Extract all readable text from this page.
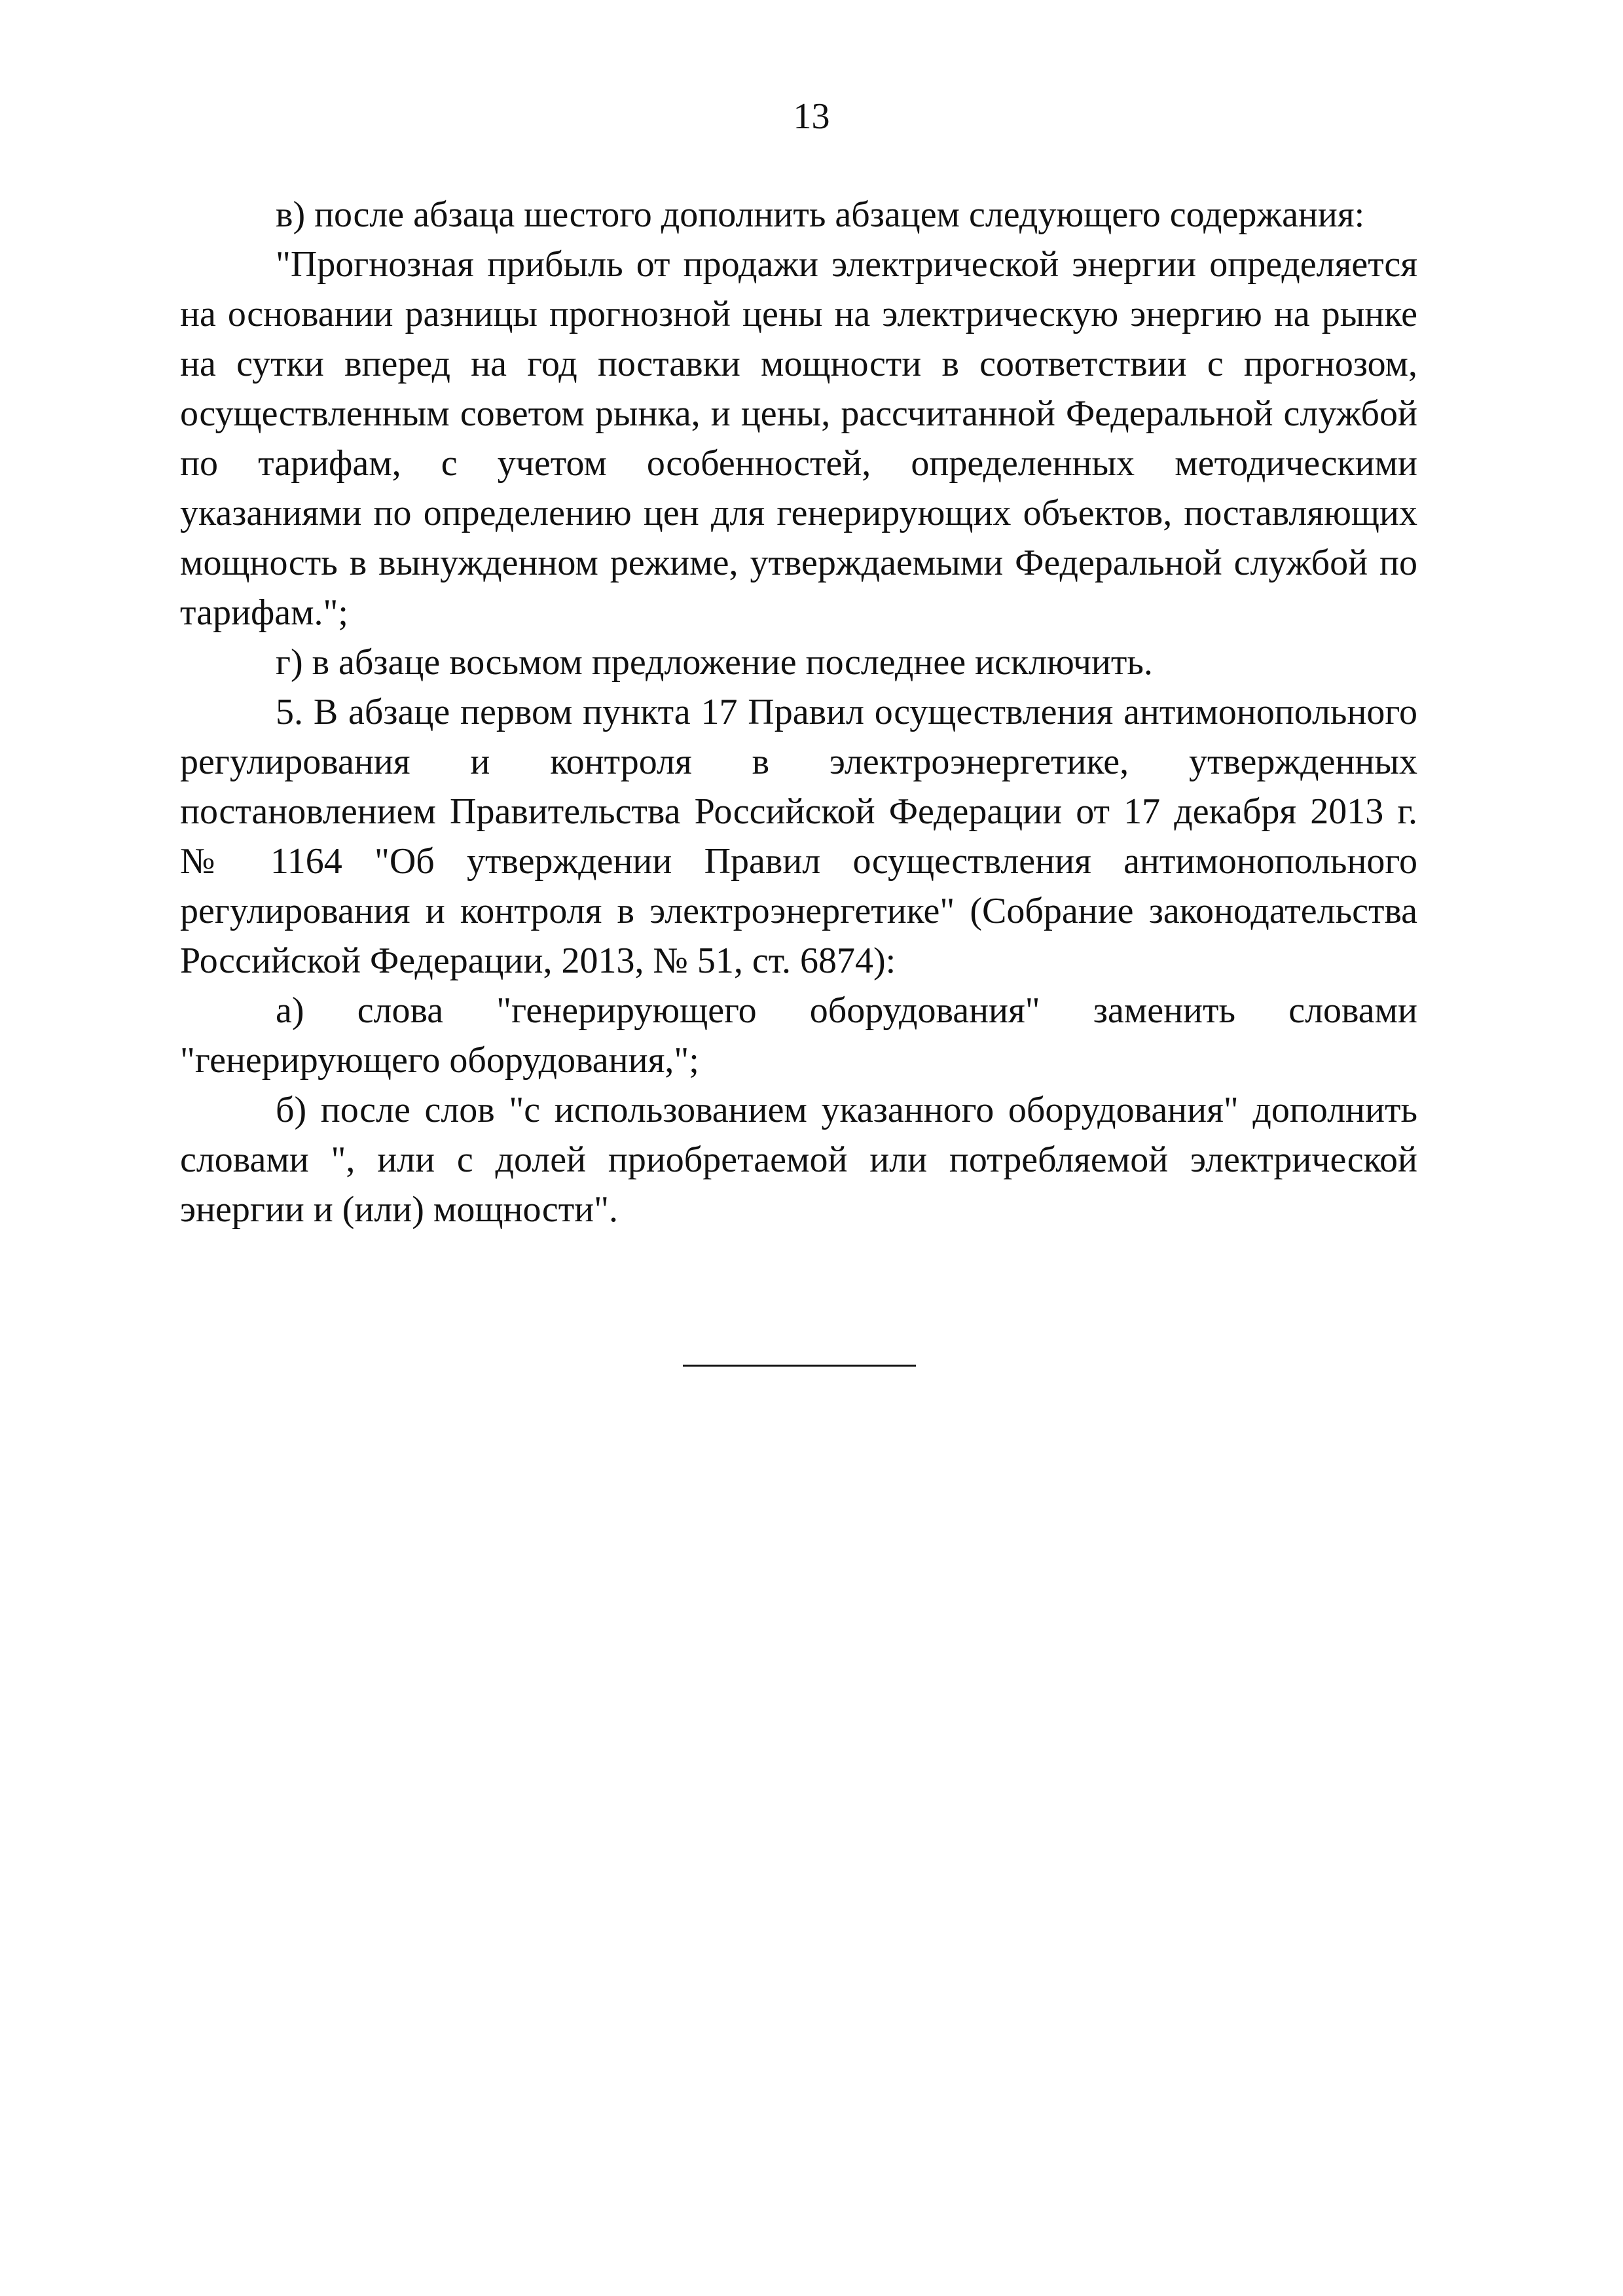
13

в) после абзаца шестого дополнить абзацем следующего содержания:

"Прогнозная прибыль от продажи электрической энергии определяется на основании разницы прогнозной цены на электрическую энергию на рынке на сутки вперед на год поставки мощности в соответствии с прогнозом, осуществленным советом рынка, и цены, рассчитанной Федеральной службой по тарифам, с учетом особенностей, определенных методическими указаниями по определению цен для генерирующих объектов, поставляющих мощность в вынужденном режиме, утверждаемыми Федеральной службой по тарифам.";

г) в абзаце восьмом предложение последнее исключить.

5. В абзаце первом пункта 17 Правил осуществления антимонопольного регулирования и контроля в электроэнергетике, утвержденных постановлением Правительства Российской Федерации от 17 декабря 2013 г. № 1164 "Об утверждении Правил осуществления антимонопольного регулирования и контроля в электроэнергетике" (Собрание законодательства Российской Федерации, 2013, № 51, ст. 6874):

а) слова "генерирующего оборудования" заменить словами "генерирующего оборудования,";

б) после слов "с использованием указанного оборудования" дополнить словами ", или с долей приобретаемой или потребляемой электрической энергии и (или) мощности".
